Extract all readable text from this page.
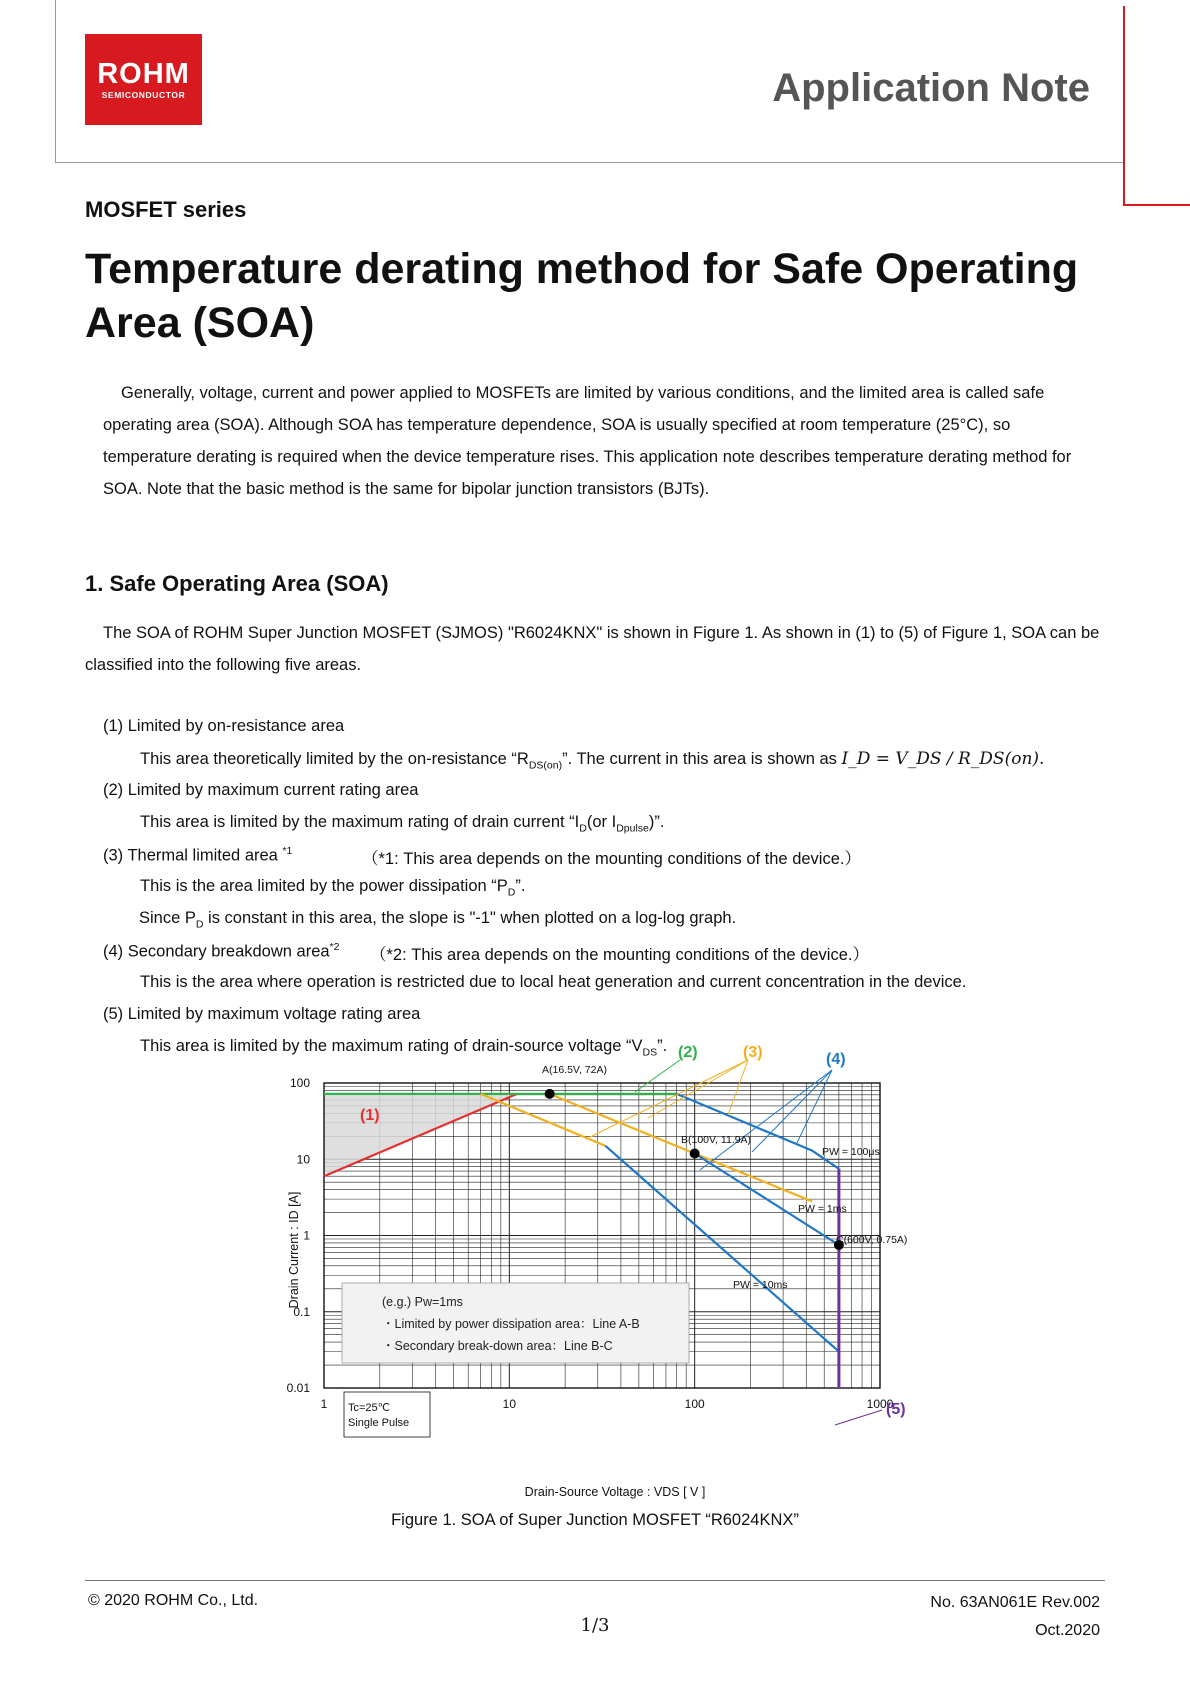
ROHM
SEMICONDUCTOR	Application Note
MOSFET series
Temperature derating method for Safe Operating Area (SOA)
Generally, voltage, current and power applied to MOSFETs are limited by various conditions, and the limited area is called safe operating area (SOA). Although SOA has temperature dependence, SOA is usually specified at room temperature (25°C), so temperature derating is required when the device temperature rises. This application note describes temperature derating method for SOA. Note that the basic method is the same for bipolar junction transistors (BJTs).
1. Safe Operating Area (SOA)
The SOA of ROHM Super Junction MOSFET (SJMOS) "R6024KNX" is shown in Figure 1. As shown in (1) to (5) of Figure 1, SOA can be classified into the following five areas.
(1) Limited by on-resistance area
This area theoretically limited by the on-resistance “$R_{DS(on)}$”. The current in this area is shown as I_D = V_DS / R_DS(on).
(2) Limited by maximum current rating area
This area is limited by the maximum rating of drain current “$I_D(or$ $I_{Dpulse}$)”.
(3) Thermal limited area $^{*1}$	（*1: This area depends on the mounting conditions of the device.）
This is the area limited by the power dissipation “$P_D$”.
Since $P_D$ is constant in this area, the slope is "-1" when plotted on a log-log graph.
(4) Secondary breakdown area$^{*2}$ （*2: This area depends on the mounting conditions of the device.）
This is the area where operation is restricted due to local heat generation and current concentration in the device.
(5) Limited by maximum voltage rating area
This area is limited by the maximum rating of drain-source voltage “$V_{DS}$”.
1	10	100	1000
100
10
1
0.1
0.01
Drain-Source Voltage : VDS [ V ]
Drain Current : ID [A]
A(16.5V, 72A)
B(100V, 11.9A)
C(600V, 0.75A)
PW = 100μs
PW = 1ms
PW = 10ms
(1)
(2)	(3)	(4)
(5)
(e.g.) Pw=1ms
・Limited by power dissipation area：Line A-B
・Secondary break-down area：Line B-C
Tc=25℃
Single Pulse
Figure 1. SOA of Super Junction MOSFET “R6024KNX”
© 2020 ROHM Co., Ltd.
1/3
No. 63AN061E Rev.002
Oct.2020
